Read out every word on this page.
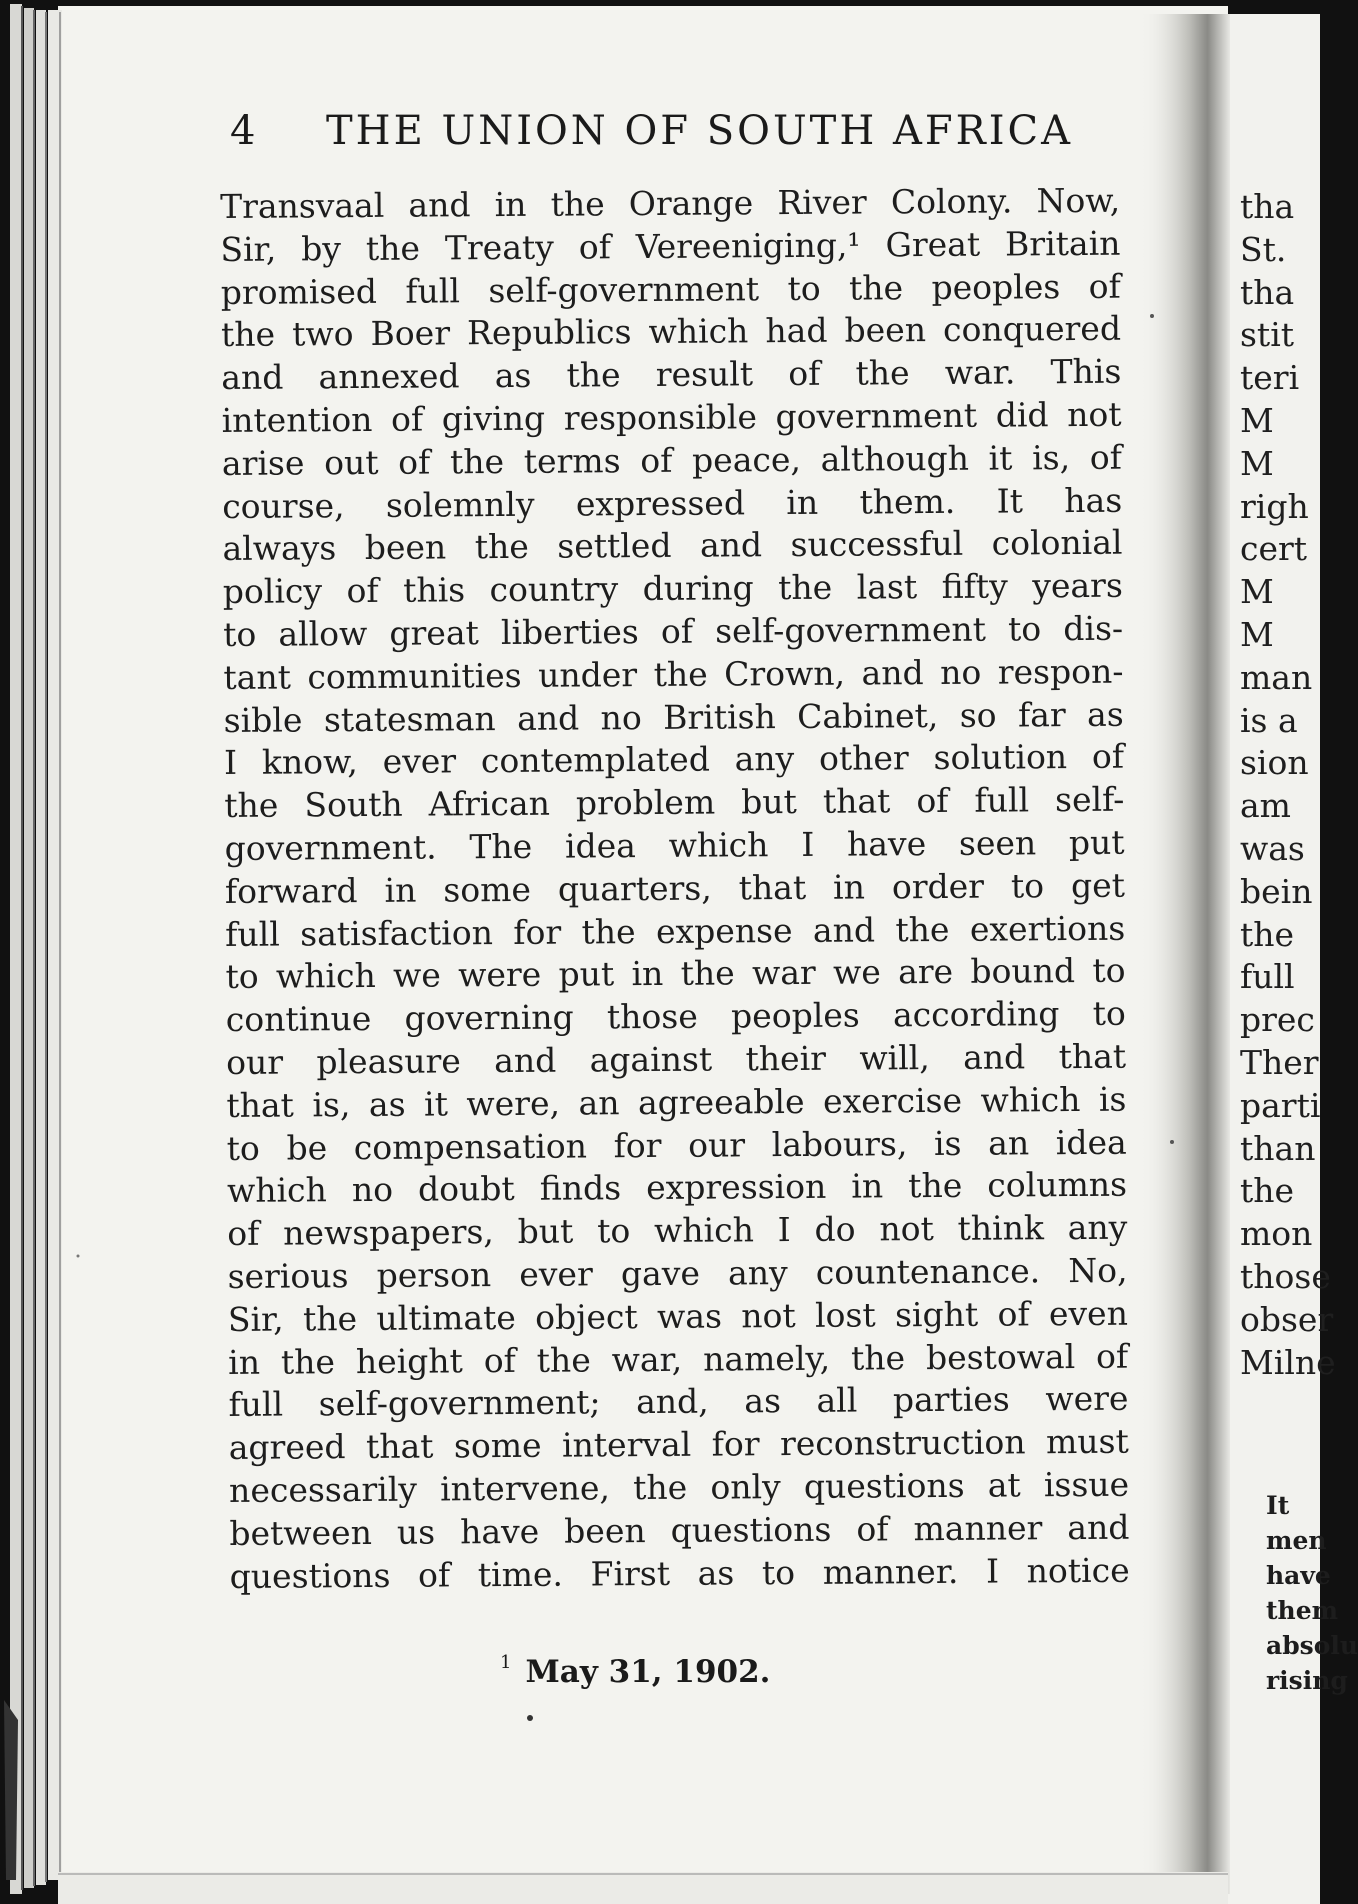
4 THE UNION OF SOUTH AFRICA
Transvaal and in the Orange River Colony. Now,
Sir, by the Treaty of Vereeniging,¹ Great Britain
promised full self-government to the peoples of
the two Boer Republics which had been conquered
and annexed as the result of the war. This
intention of giving responsible government did not
arise out of the terms of peace, although it is, of
course, solemnly expressed in them. It has
always been the settled and successful colonial
policy of this country during the last fifty years
to allow great liberties of self-government to dis-
tant communities under the Crown, and no respon-
sible statesman and no British Cabinet, so far as
I know, ever contemplated any other solution of
the South African problem but that of full self-
government. The idea which I have seen put
forward in some quarters, that in order to get
full satisfaction for the expense and the exertions
to which we were put in the war we are bound to
continue governing those peoples according to
our pleasure and against their will, and that
that is, as it were, an agreeable exercise which is
to be compensation for our labours, is an idea
which no doubt finds expression in the columns
of newspapers, but to which I do not think any
serious person ever gave any countenance. No,
Sir, the ultimate object was not lost sight of even
in the height of the war, namely, the bestowal of
full self-government; and, as all parties were
agreed that some interval for reconstruction must
necessarily intervene, the only questions at issue
between us have been questions of manner and
questions of time. First as to manner. I notice
$^1$ May 31, 1902.
tha
St.
tha
stit
teri
M
M
righ
cert
M
M
man
is a
sion
am
was
bein
the
full
prec
Ther
parti
than
the
mon
those
obser
Milne
It
men
have
them
absolu
rising
